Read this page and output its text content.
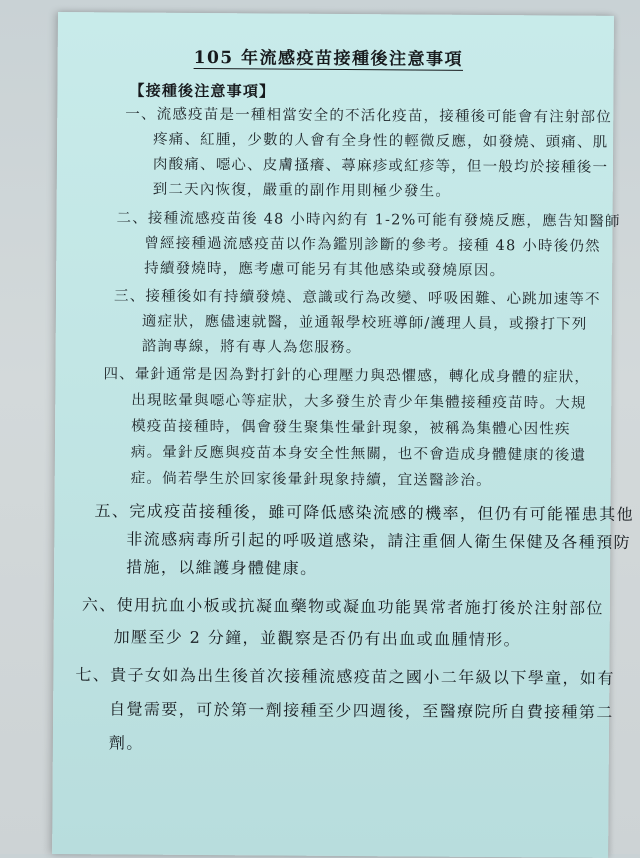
105 年流感疫苗接種後注意事項
【接種後注意事項】
一、流感疫苗是一種相當安全的不活化疫苗，接種後可能會有注射部位
疼痛、紅腫，少數的人會有全身性的輕微反應，如發燒、頭痛、肌
肉酸痛、噁心、皮膚搔癢、蕁麻疹或紅疹等，但一般均於接種後一
到二天內恢復，嚴重的副作用則極少發生。
二、接種流感疫苗後 48 小時內約有 1-2%可能有發燒反應，應告知醫師
曾經接種過流感疫苗以作為鑑別診斷的參考。接種 48 小時後仍然
持續發燒時，應考慮可能另有其他感染或發燒原因。
三、接種後如有持續發燒、意識或行為改變、呼吸困難、心跳加速等不
適症狀，應儘速就醫，並通報學校班導師/護理人員，或撥打下列
諮詢專線，將有專人為您服務。
四、暈針通常是因為對打針的心理壓力與恐懼感，轉化成身體的症狀，
出現眩暈與噁心等症狀，大多發生於青少年集體接種疫苗時。大規
模疫苗接種時，偶會發生聚集性暈針現象，被稱為集體心因性疾
病。暈針反應與疫苗本身安全性無關，也不會造成身體健康的後遺
症。倘若學生於回家後暈針現象持續，宜送醫診治。
五、完成疫苗接種後，雖可降低感染流感的機率，但仍有可能罹患其他
非流感病毒所引起的呼吸道感染，請注重個人衛生保健及各種預防
措施，以維護身體健康。
六、使用抗血小板或抗凝血藥物或凝血功能異常者施打後於注射部位
加壓至少 2 分鐘，並觀察是否仍有出血或血腫情形。
七、貴子女如為出生後首次接種流感疫苗之國小二年級以下學童，如有
自覺需要，可於第一劑接種至少四週後，至醫療院所自費接種第二
劑。
